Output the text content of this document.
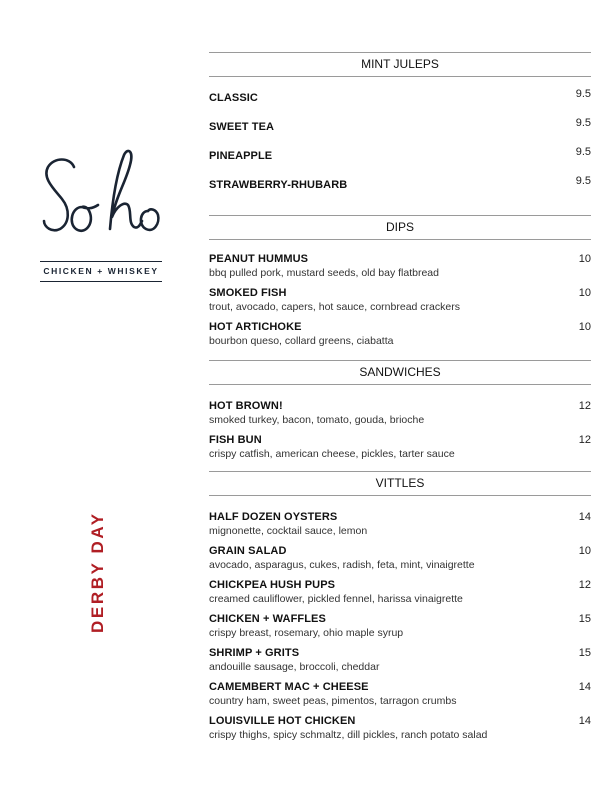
CHICKEN + WHISKEY
DERBY DAY
MINT JULEPS
CLASSIC	9.5
SWEET TEA	9.5
PINEAPPLE	9.5
STRAWBERRY-RHUBARB	9.5
DIPS
PEANUT HUMMUS
bbq pulled pork, mustard seeds, old bay flatbread
10
SMOKED FISH
trout, avocado, capers, hot sauce, cornbread crackers
10
HOT ARTICHOKE
bourbon queso, collard greens, ciabatta
10
SANDWICHES
HOT BROWN!
smoked turkey, bacon, tomato, gouda, brioche
12
FISH BUN
crispy catfish, american cheese, pickles, tarter sauce
12
VITTLES
HALF DOZEN OYSTERS
mignonette, cocktail sauce, lemon
14
GRAIN SALAD
avocado, asparagus, cukes, radish, feta, mint, vinaigrette
10
CHICKPEA HUSH PUPS
creamed cauliflower, pickled fennel, harissa vinaigrette
12
CHICKEN + WAFFLES
crispy breast, rosemary, ohio maple syrup
15
SHRIMP + GRITS
andouille sausage, broccoli, cheddar
15
CAMEMBERT MAC + CHEESE
country ham, sweet peas, pimentos, tarragon crumbs
14
LOUISVILLE HOT CHICKEN
crispy thighs, spicy schmaltz, dill pickles, ranch potato salad
14
